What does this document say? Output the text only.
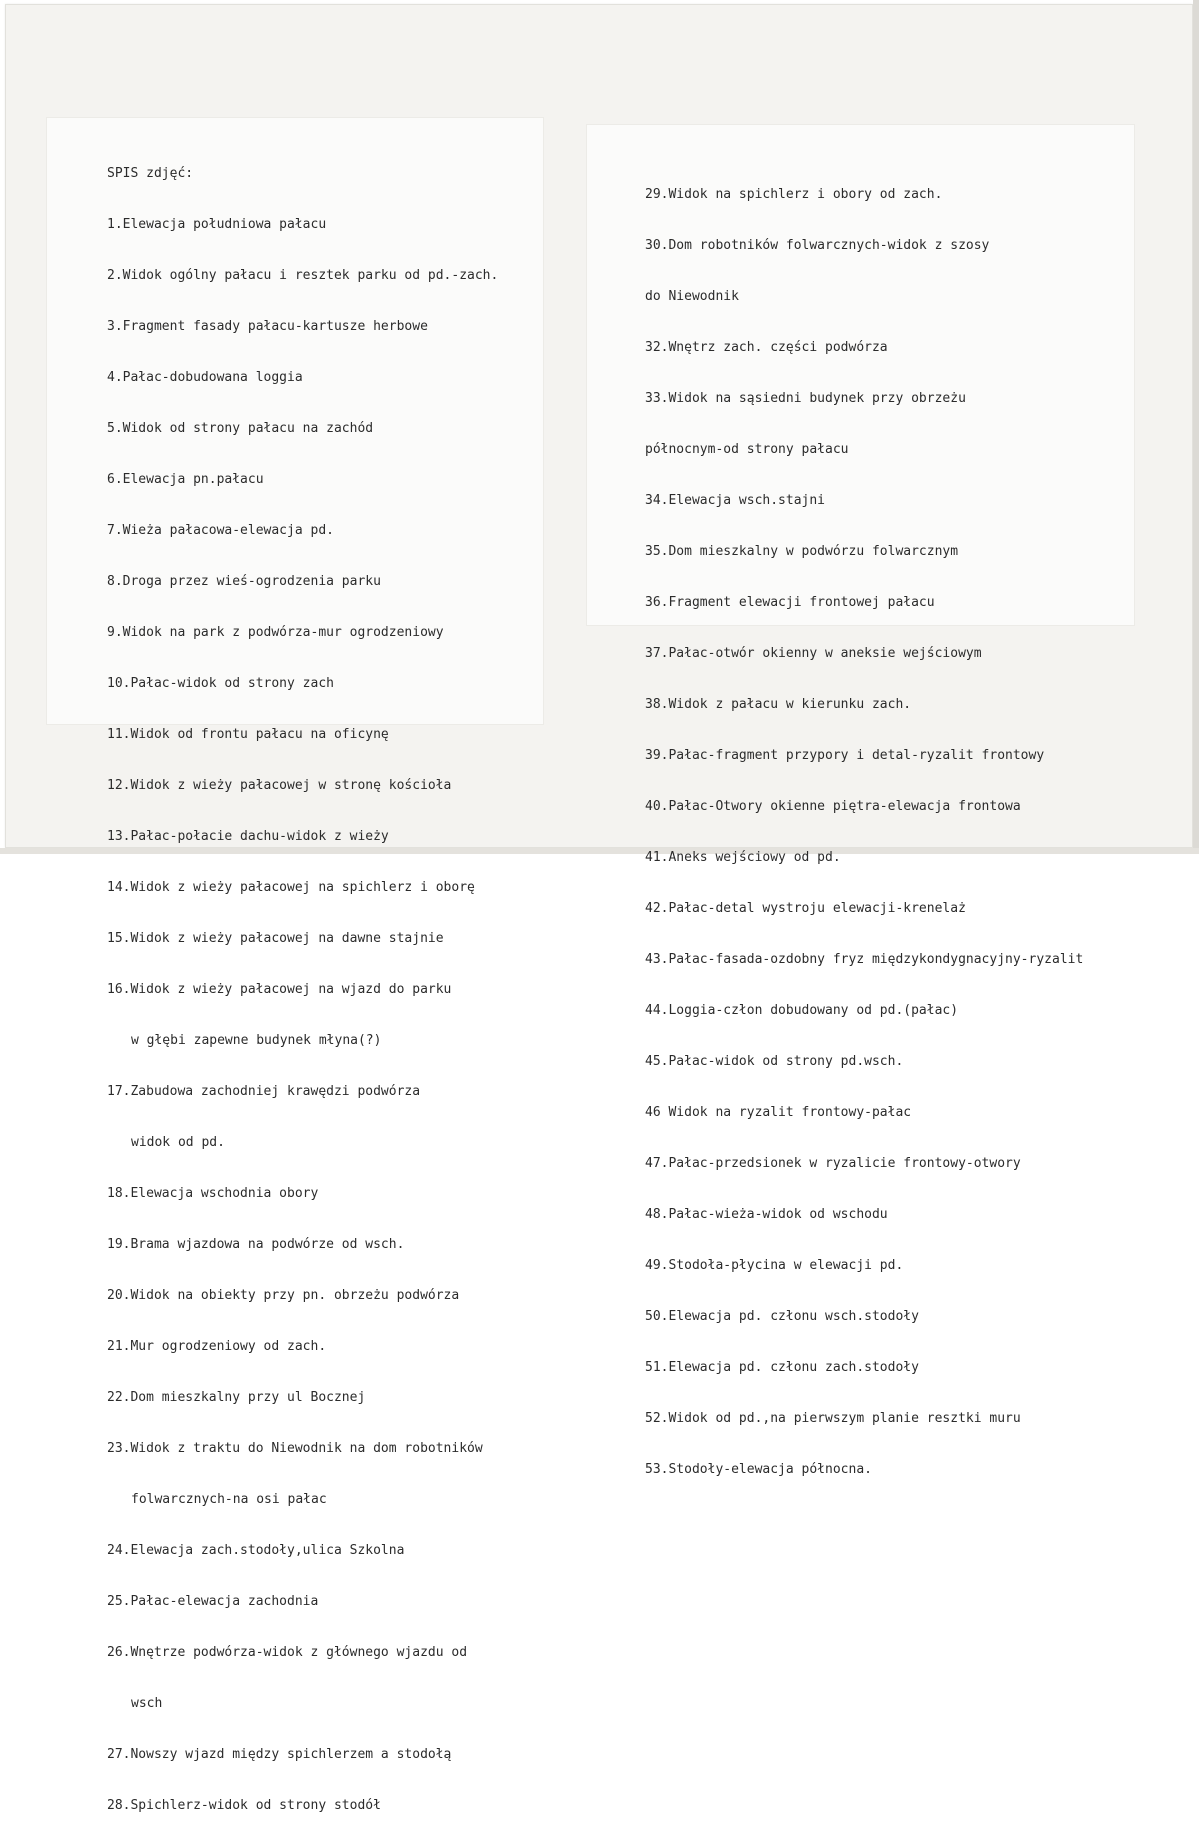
SPIS zdjęć:

1.Elewacja południowa pałacu

2.Widok ogólny pałacu i resztek parku od pd.-zach.

3.Fragment fasady pałacu-kartusze herbowe

4.Pałac-dobudowana loggia

5.Widok od strony pałacu na zachód

6.Elewacja pn.pałacu

7.Wieża pałacowa-elewacja pd.

8.Droga przez wieś-ogrodzenia parku

9.Widok na park z podwórza-mur ogrodzeniowy

10.Pałac-widok od strony zach

11.Widok od frontu pałacu na oficynę

12.Widok z wieży pałacowej w stronę kościoła

13.Pałac-połacie dachu-widok z wieży

14.Widok z wieży pałacowej na spichlerz i oborę

15.Widok z wieży pałacowej na dawne stajnie

16.Widok z wieży pałacowej na wjazd do parku

w głębi zapewne budynek młyna(?)

17.Zabudowa zachodniej krawędzi podwórza

widok od pd.

18.Elewacja wschodnia obory

19.Brama wjazdowa na podwórze od wsch.

20.Widok na obiekty przy pn. obrzeżu podwórza

21.Mur ogrodzeniowy od zach.

22.Dom mieszkalny przy ul Bocznej

23.Widok z traktu do Niewodnik na dom robotników

folwarcznych-na osi pałac

24.Elewacja zach.stodoły,ulica Szkolna

25.Pałac-elewacja zachodnia

26.Wnętrze podwórza-widok z głównego wjazdu od

wsch

27.Nowszy wjazd między spichlerzem a stodołą

28.Spichlerz-widok od strony stodół

29.Widok na spichlerz i obory od zach.

30.Dom robotników folwarcznych-widok z szosy

do Niewodnik

32.Wnętrz zach. części podwórza

33.Widok na sąsiedni budynek przy obrzeżu

północnym-od strony pałacu

34.Elewacja wsch.stajni

35.Dom mieszkalny w podwórzu folwarcznym

36.Fragment elewacji frontowej pałacu

37.Pałac-otwór okienny w aneksie wejściowym

38.Widok z pałacu w kierunku zach.

39.Pałac-fragment przypory i detal-ryzalit frontowy

40.Pałac-Otwory okienne piętra-elewacja frontowa

41.Aneks wejściowy od pd.

42.Pałac-detal wystroju elewacji-krenelaż

43.Pałac-fasada-ozdobny fryz międzykondygnacyjny-ryzalit

44.Loggia-człon dobudowany od pd.(pałac)

45.Pałac-widok od strony pd.wsch.

46 Widok na ryzalit frontowy-pałac

47.Pałac-przedsionek w ryzalicie frontowy-otwory

48.Pałac-wieża-widok od wschodu

49.Stodoła-płycina w elewacji pd.

50.Elewacja pd. członu wsch.stodoły

51.Elewacja pd. członu zach.stodoły

52.Widok od pd.,na pierwszym planie resztki muru

53.Stodoły-elewacja północna.
